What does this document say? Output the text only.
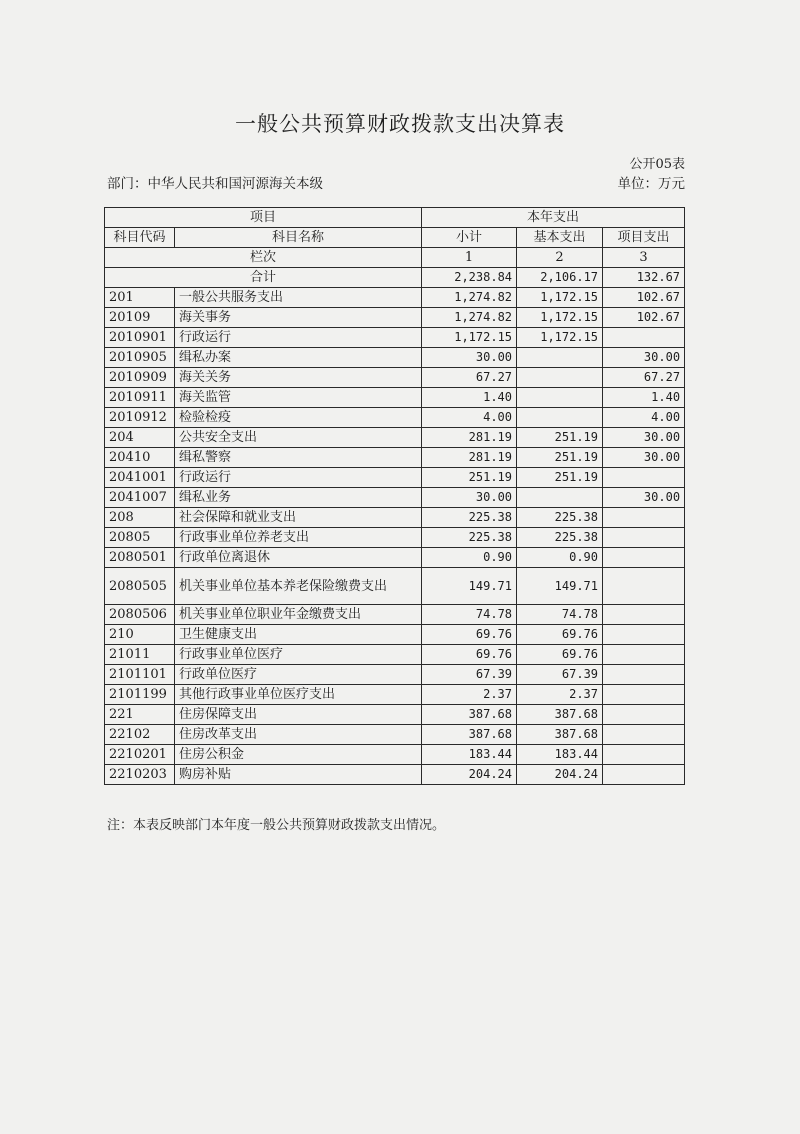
一般公共预算财政拨款支出决算表
公开05表
部门：中华人民共和国河源海关本级	单位：万元
项目		本年支出		
科目代码	科目名称	小计	基本支出	项目支出
栏次		1	2	3
合计		2,238.84	2,106.17	132.67
201	一般公共服务支出	1,274.82	1,172.15	102.67
20109	海关事务	1,274.82	1,172.15	102.67
2010901	行政运行	1,172.15	1,172.15	
2010905	缉私办案	30.00		30.00
2010909	海关关务	67.27		67.27
2010911	海关监管	1.40		1.40
2010912	检验检疫	4.00		4.00
204	公共安全支出	281.19	251.19	30.00
20410	缉私警察	281.19	251.19	30.00
2041001	行政运行	251.19	251.19	
2041007	缉私业务	30.00		30.00
208	社会保障和就业支出	225.38	225.38	
20805	行政事业单位养老支出	225.38	225.38	
2080501	行政单位离退休	0.90	0.90	
2080505	机关事业单位基本养老保险缴费支出	149.71	149.71	
2080506	机关事业单位职业年金缴费支出	74.78	74.78	
210	卫生健康支出	69.76	69.76	
21011	行政事业单位医疗	69.76	69.76	
2101101	行政单位医疗	67.39	67.39	
2101199	其他行政事业单位医疗支出	2.37	2.37	
221	住房保障支出	387.68	387.68	
22102	住房改革支出	387.68	387.68	
2210201	住房公积金	183.44	183.44	
2210203	购房补贴	204.24	204.24	
注：本表反映部门本年度一般公共预算财政拨款支出情况。
